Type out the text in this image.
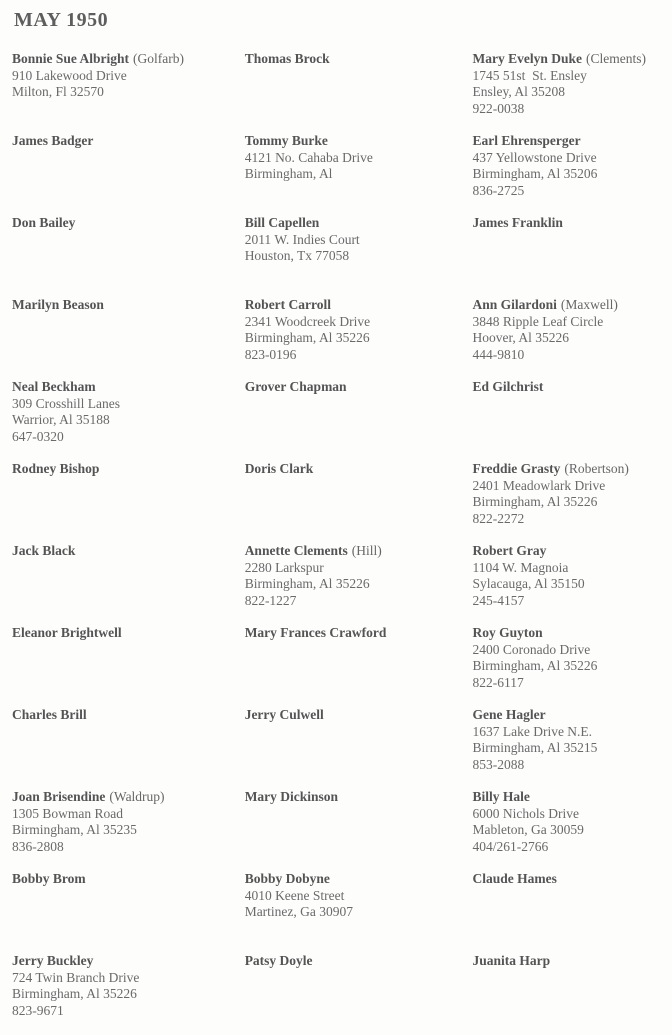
MAY 1950
Bonnie Sue Albright (Golfarb)
910 Lakewood Drive
Milton, Fl 32570
James Badger
Don Bailey
Marilyn Beason
Neal Beckham
309 Crosshill Lanes
Warrior, Al 35188
647-0320
Rodney Bishop
Jack Black
Eleanor Brightwell
Charles Brill
Joan Brisendine (Waldrup)
1305 Bowman Road
Birmingham, Al 35235
836-2808
Bobby Brom
Jerry Buckley
724 Twin Branch Drive
Birmingham, Al 35226
823-9671
Thomas Brock
Tommy Burke
4121 No. Cahaba Drive
Birmingham, Al
Bill Capellen
2011 W. Indies Court
Houston, Tx 77058
Robert Carroll
2341 Woodcreek Drive
Birmingham, Al 35226
823-0196
Grover Chapman
Doris Clark
Annette Clements (Hill)
2280 Larkspur
Birmingham, Al 35226
822-1227
Mary Frances Crawford
Jerry Culwell
Mary Dickinson
Bobby Dobyne
4010 Keene Street
Martinez, Ga 30907
Patsy Doyle
Mary Evelyn Duke (Clements)
1745 51st  St. Ensley
Ensley, Al 35208
922-0038
Earl Ehrensperger
437 Yellowstone Drive
Birmingham, Al 35206
836-2725
James Franklin
Ann Gilardoni (Maxwell)
3848 Ripple Leaf Circle
Hoover, Al 35226
444-9810
Ed Gilchrist
Freddie Grasty (Robertson)
2401 Meadowlark Drive
Birmingham, Al 35226
822-2272
Robert Gray
1104 W. Magnoia
Sylacauga, Al 35150
245-4157
Roy Guyton
2400 Coronado Drive
Birmingham, Al 35226
822-6117
Gene Hagler
1637 Lake Drive N.E.
Birmingham, Al 35215
853-2088
Billy Hale
6000 Nichols Drive
Mableton, Ga 30059
404/261-2766
Claude Hames
Juanita Harp
